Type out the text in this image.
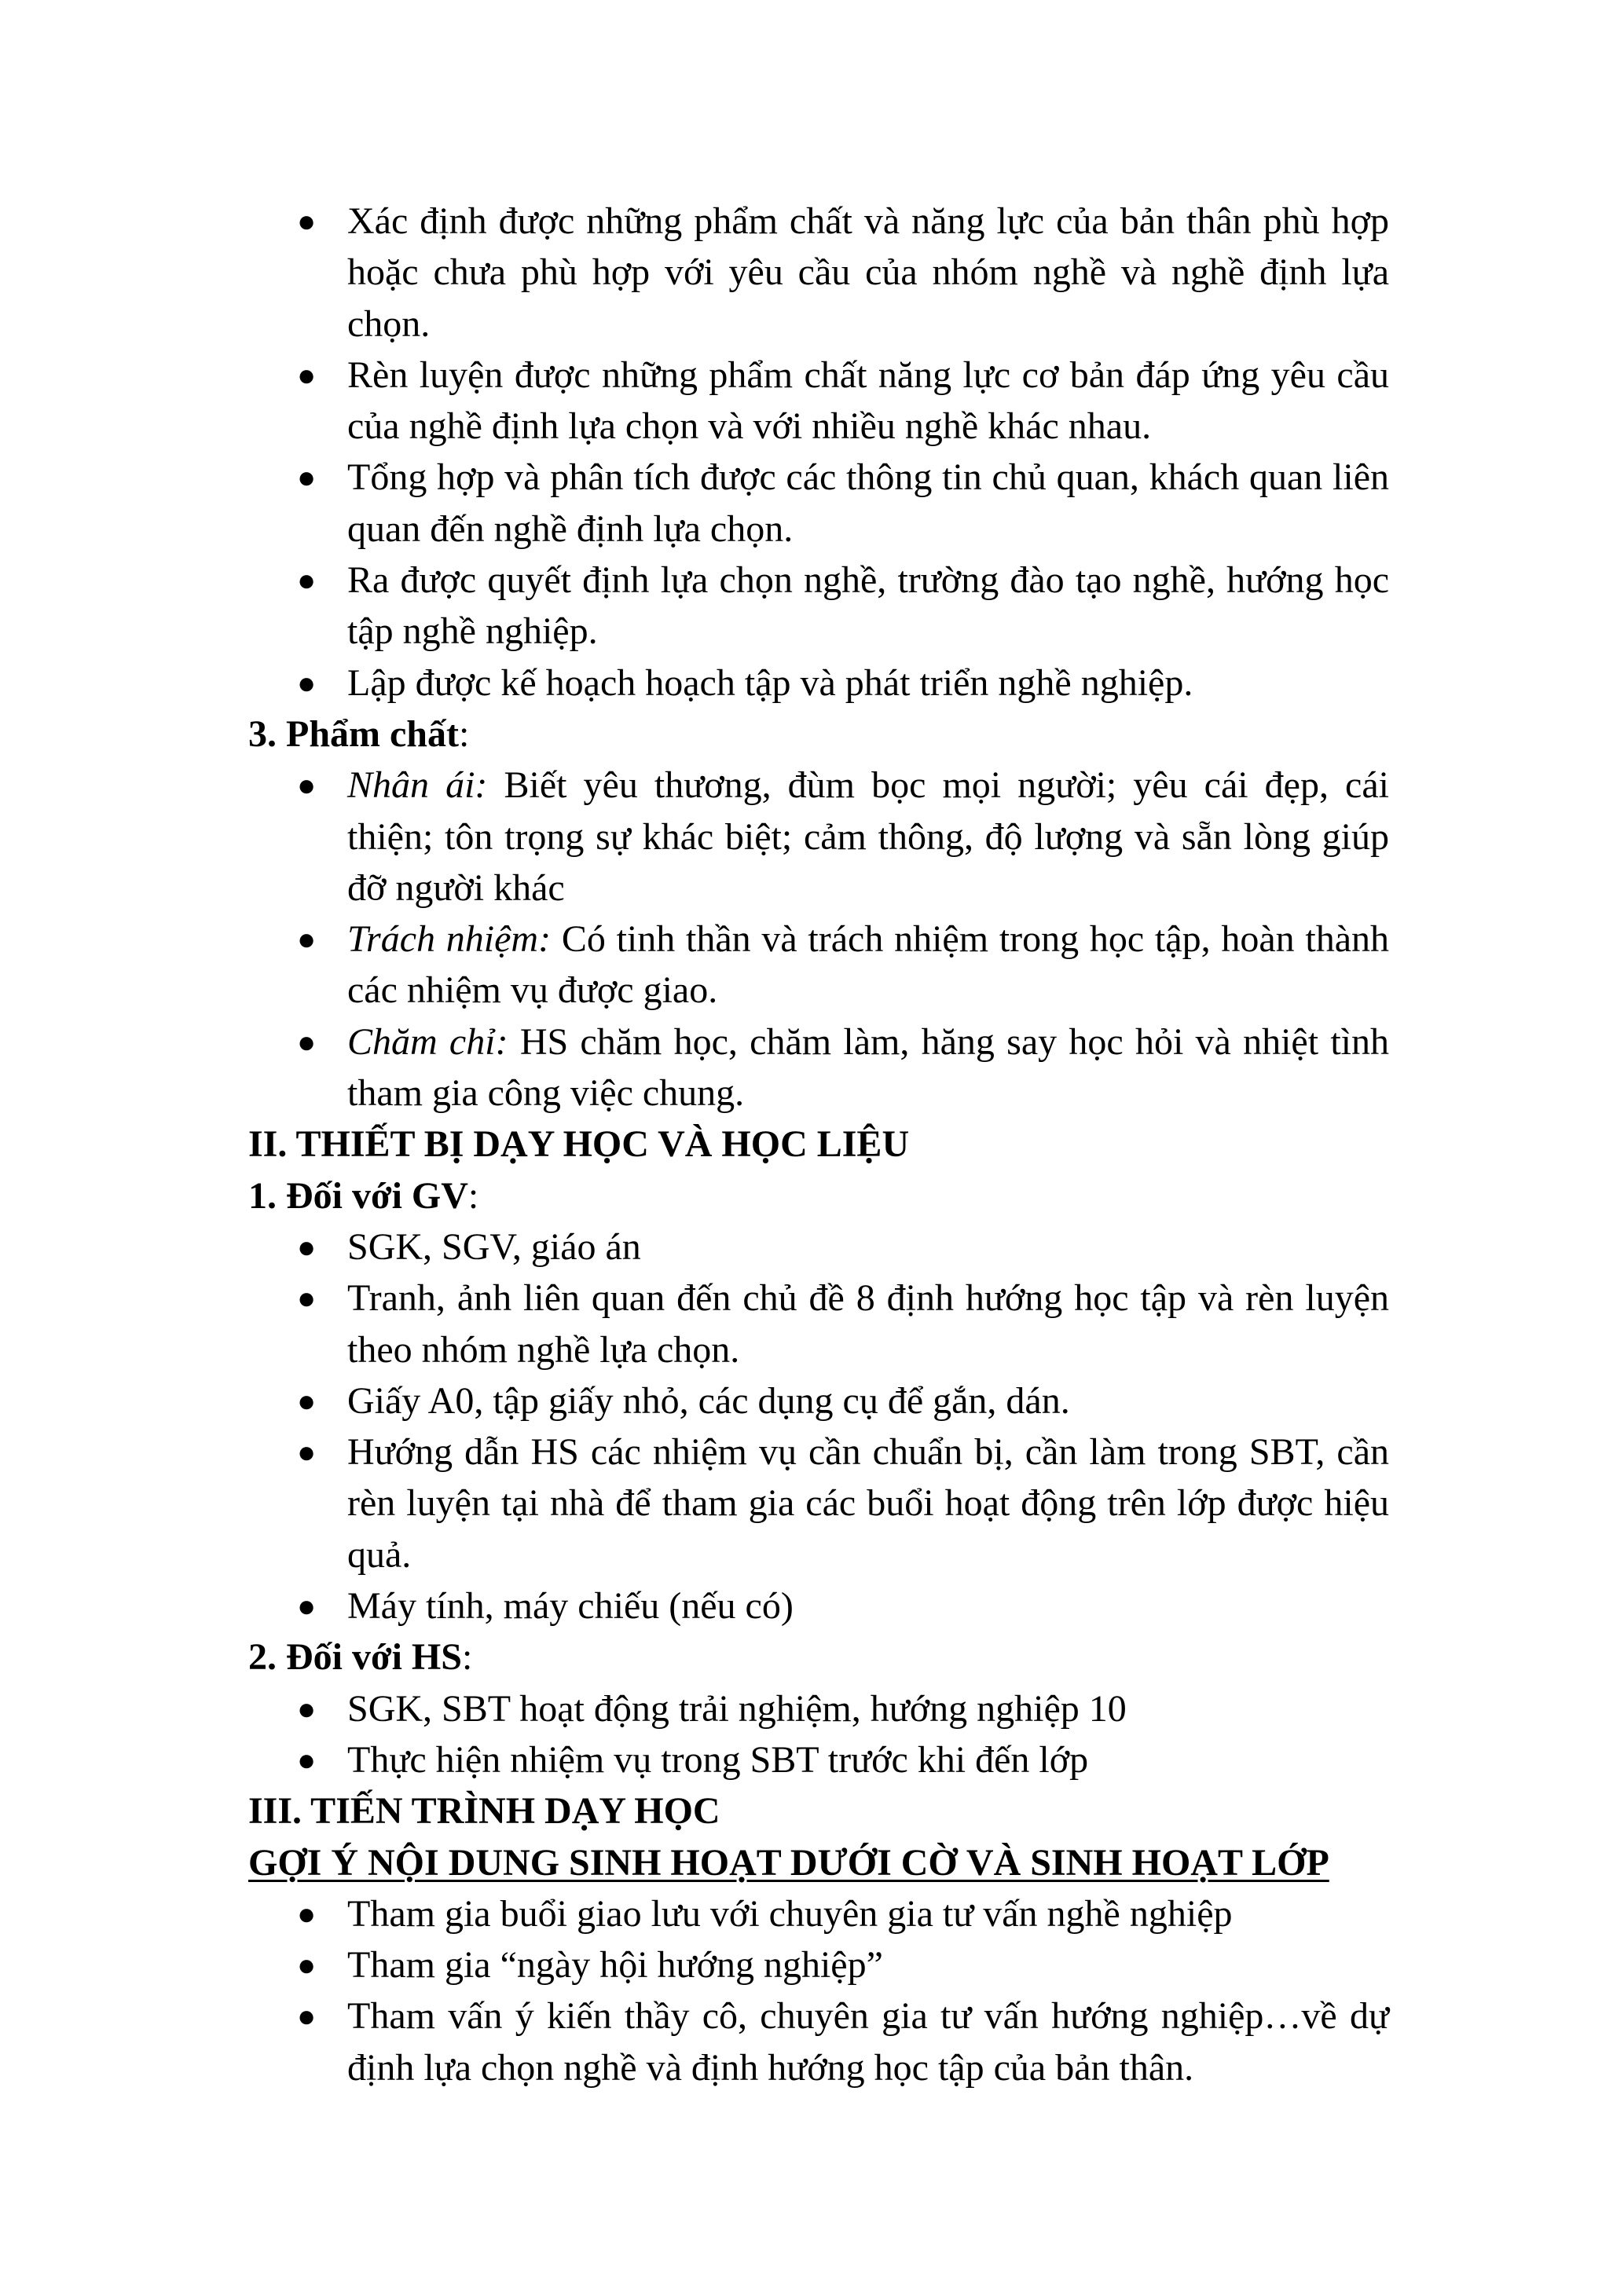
● Xác định được những phẩm chất và năng lực của bản thân phù hợp hoặc chưa phù hợp với yêu cầu của nhóm nghề và nghề định lựa chọn.
● Rèn luyện được những phẩm chất năng lực cơ bản đáp ứng yêu cầu của nghề định lựa chọn và với nhiều nghề khác nhau.
● Tổng hợp và phân tích được các thông tin chủ quan, khách quan liên quan đến nghề định lựa chọn.
● Ra được quyết định lựa chọn nghề, trường đào tạo nghề, hướng học tập nghề nghiệp.
● Lập được kế hoạch hoạch tập và phát triển nghề nghiệp.

3. Phẩm chất:

● Nhân ái: Biết yêu thương, đùm bọc mọi người; yêu cái đẹp, cái thiện; tôn trọng sự khác biệt; cảm thông, độ lượng và sẵn lòng giúp đỡ người khác
● Trách nhiệm: Có tinh thần và trách nhiệm trong học tập, hoàn thành các nhiệm vụ được giao.
● Chăm chỉ: HS chăm học, chăm làm, hăng say học hỏi và nhiệt tình tham gia công việc chung.

II. THIẾT BỊ DẠY HỌC VÀ HỌC LIỆU

1. Đối với GV:

● SGK, SGV, giáo án
● Tranh, ảnh liên quan đến chủ đề 8 định hướng học tập và rèn luyện theo nhóm nghề lựa chọn.
● Giấy A0, tập giấy nhỏ, các dụng cụ để gắn, dán.
● Hướng dẫn HS các nhiệm vụ cần chuẩn bị, cần làm trong SBT, cần rèn luyện tại nhà để tham gia các buổi hoạt động trên lớp được hiệu quả.
● Máy tính, máy chiếu (nếu có)

2. Đối với HS:

● SGK, SBT hoạt động trải nghiệm, hướng nghiệp 10
● Thực hiện nhiệm vụ trong SBT trước khi đến lớp

III. TIẾN TRÌNH DẠY HỌC

GỢI Ý NỘI DUNG SINH HOẠT DƯỚI CỜ VÀ SINH HOẠT LỚP

● Tham gia buổi giao lưu với chuyên gia tư vấn nghề nghiệp
● Tham gia “ngày hội hướng nghiệp”
● Tham vấn ý kiến thầy cô, chuyên gia tư vấn hướng nghiệp…về dự định lựa chọn nghề và định hướng học tập của bản thân.
